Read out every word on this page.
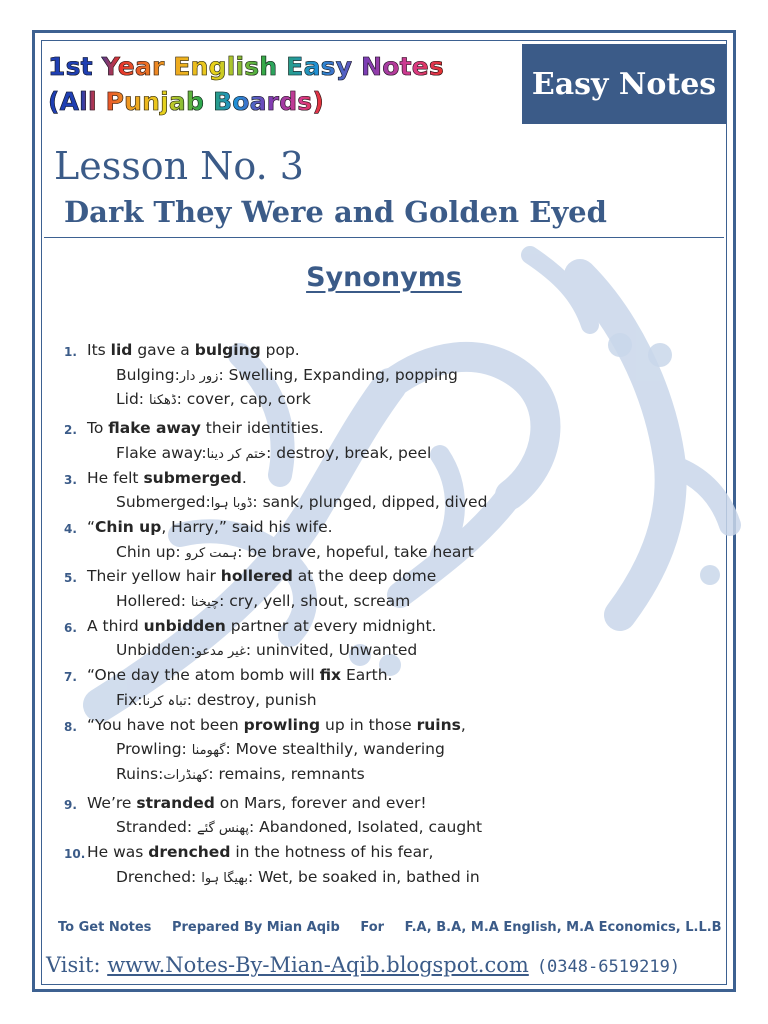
1st Year English Easy Notes
(All Punjab Boards)	Easy Notes
Lesson No. 3
Dark They Were and Golden Eyed
Synonyms
1. Its lid gave a bulging pop.
Bulging:زور دار: Swelling, Expanding, popping
Lid: ڈھکنا: cover, cap, cork
2. To flake away their identities.
Flake away:ختم کر دینا: destroy, break, peel
3. He felt submerged.
Submerged:ڈوبا ہوا: sank, plunged, dipped, dived
4. “Chin up, Harry,” said his wife.
Chin up: ہمت کرو: be brave, hopeful, take heart
5. Their yellow hair hollered at the deep dome
Hollered: چیخنا: cry, yell, shout, scream
6. A third unbidden partner at every midnight.
Unbidden:غیر مدعو: uninvited, Unwanted
7. “One day the atom bomb will fix Earth.
Fix:تباہ کرنا: destroy, punish
8. “You have not been prowling up in those ruins,
Prowling: گھومنا: Move stealthily, wandering
Ruins:کھنڈرات: remains, remnants
9. We’re stranded on Mars, forever and ever!
Stranded: پھنس گئے: Abandoned, Isolated, caught
10. He was drenched in the hotness of his fear,
Drenched: بھیگا ہوا: Wet, be soaked in, bathed in
To Get Notes Prepared By Mian Aqib For F.A, B.A, M.A English, M.A Economics, L.L.B
Visit: www.Notes-By-Mian-Aqib.blogspot.com (0348-6519219)
